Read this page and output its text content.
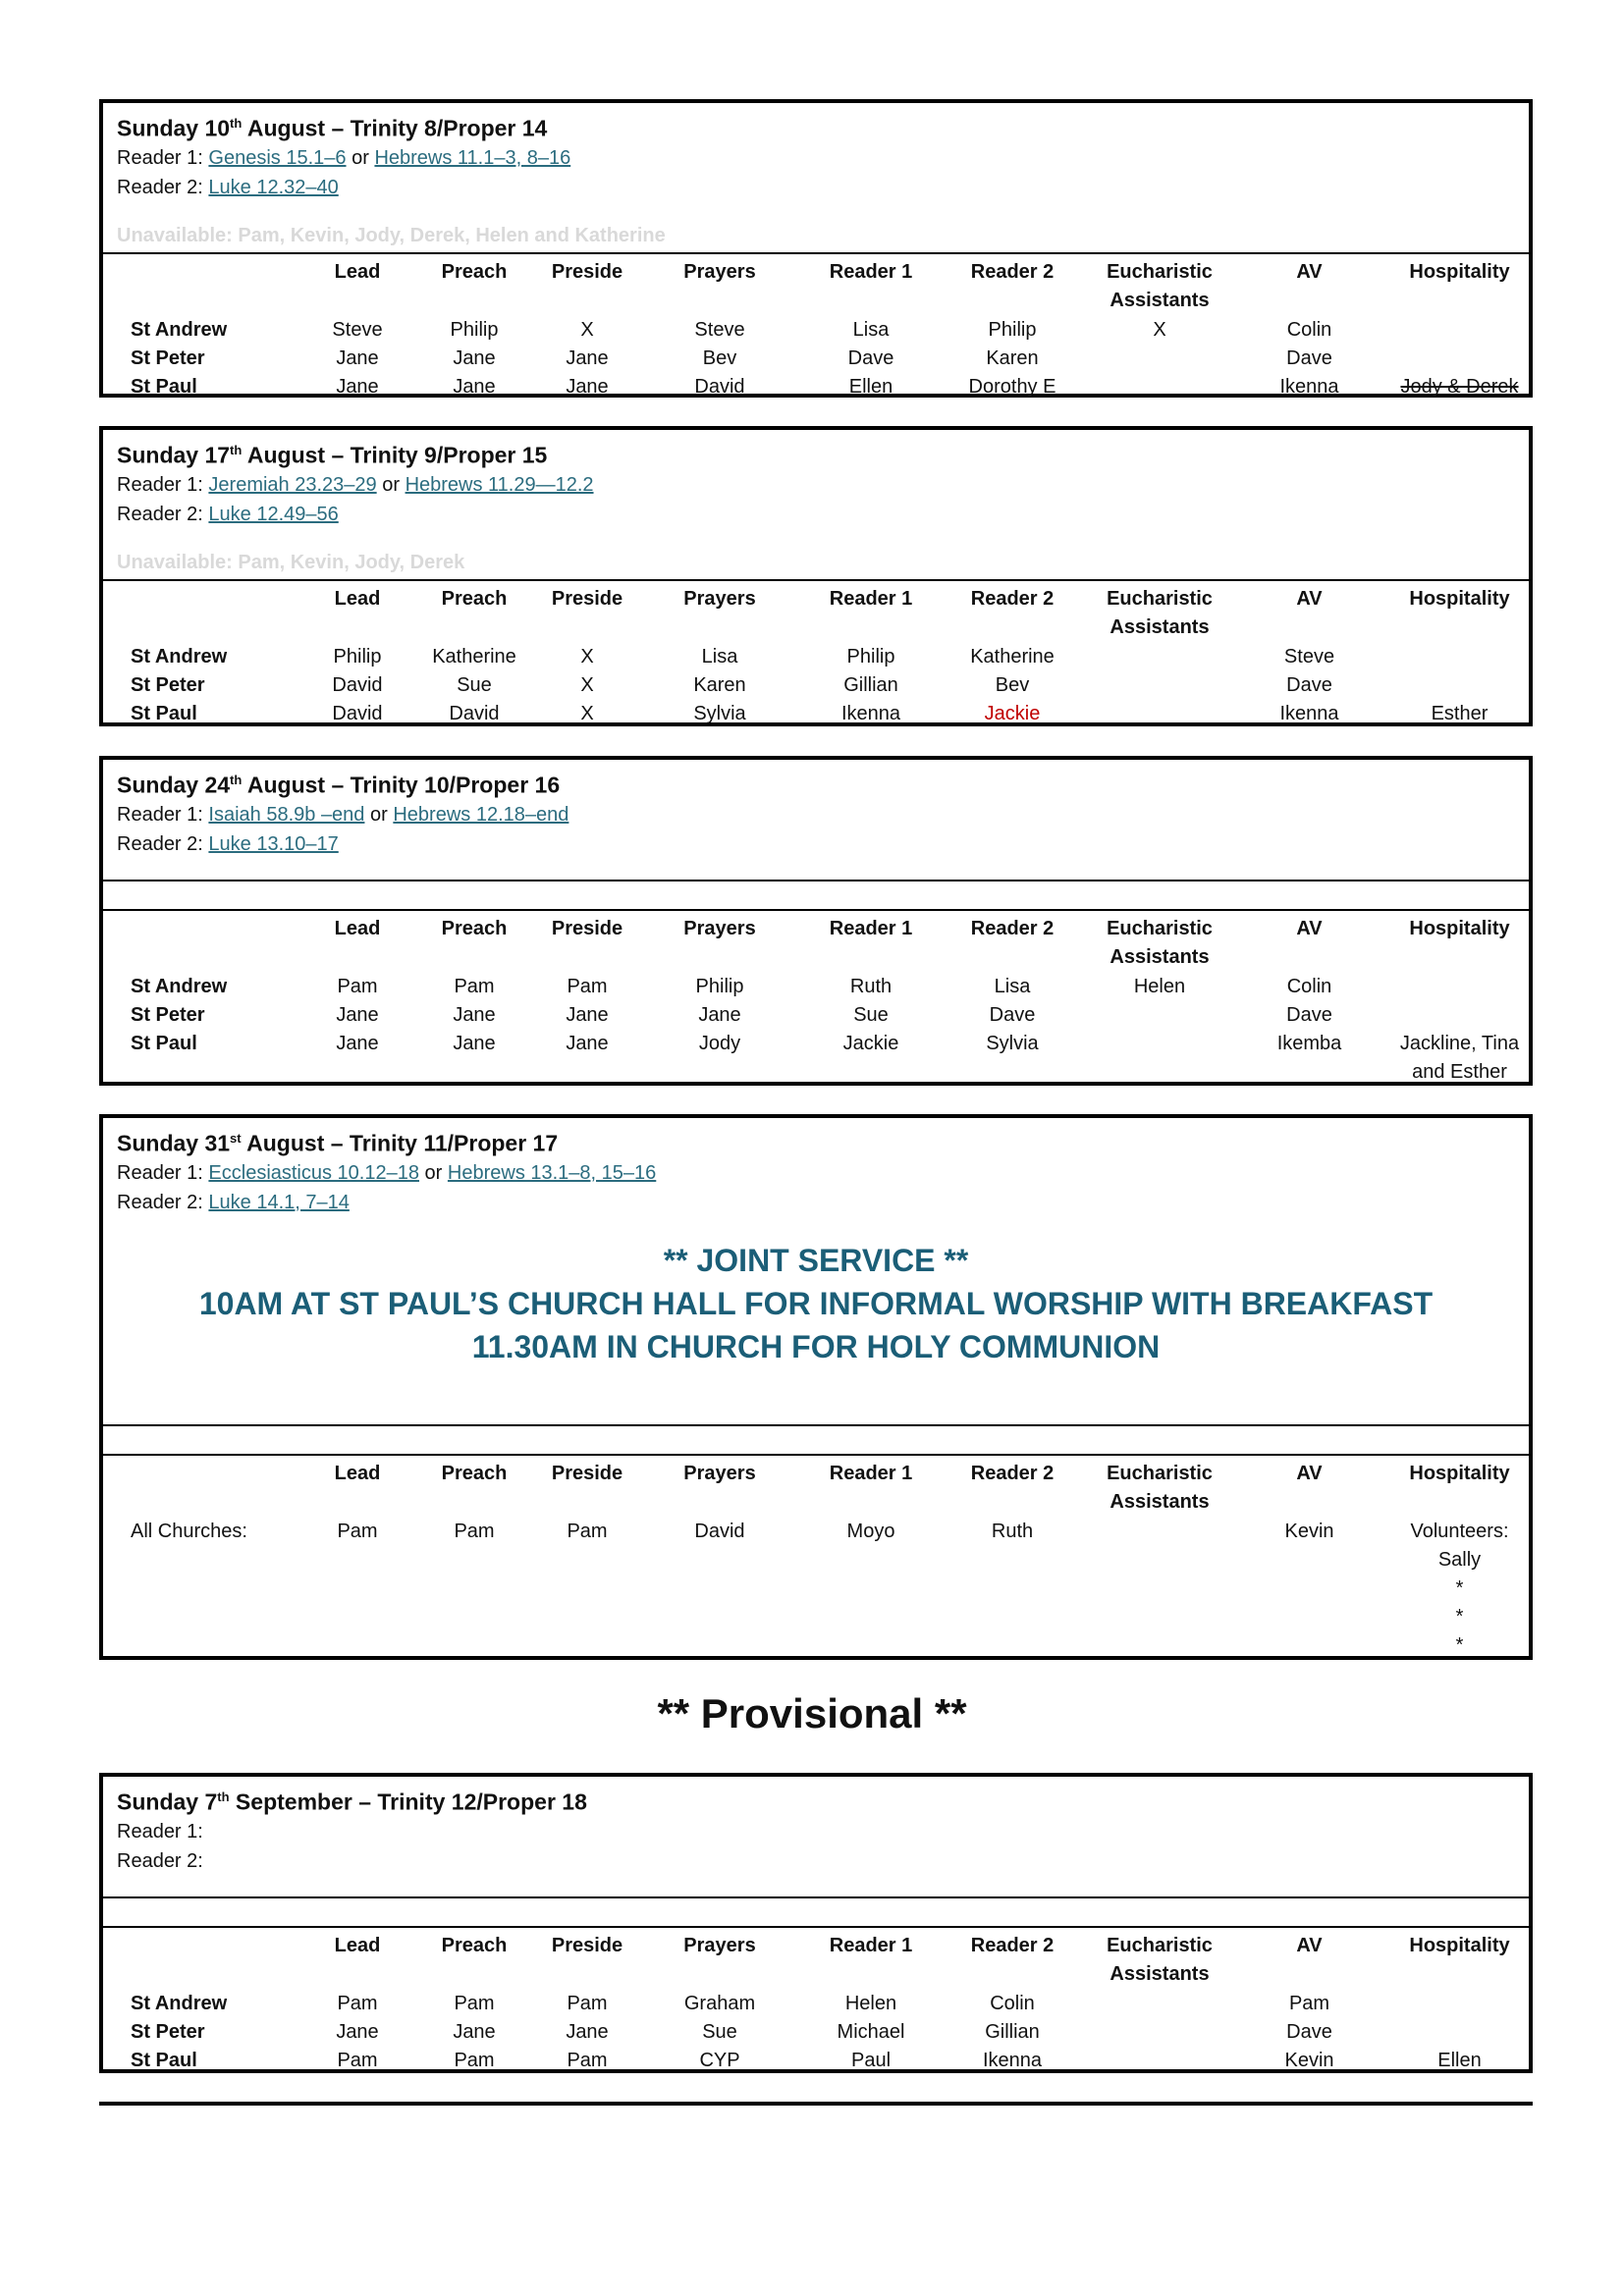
Sunday 10th August – Trinity 8/Proper 14
Reader 1: Genesis 15.1–6 or Hebrews 11.1–3, 8–16
Reader 2: Luke 12.32–40
Unavailable: Pam, Kevin, Jody, Derek, Helen and Katherine
	Lead	Preach	Preside	Prayers	Reader 1	Reader 2	Eucharistic Assistants	AV	Hospitality
St Andrew	Steve	Philip	X	Steve	Lisa	Philip	X	Colin	
St Peter	Jane	Jane	Jane	Bev	Dave	Karen		Dave	
St Paul	Jane	Jane	Jane	David	Ellen	Dorothy E		Ikenna	Jody & Derek
Sunday 17th August – Trinity 9/Proper 15
Reader 1: Jeremiah 23.23–29 or Hebrews 11.29—12.2
Reader 2: Luke 12.49–56
Unavailable: Pam, Kevin, Jody, Derek
	Lead	Preach	Preside	Prayers	Reader 1	Reader 2	Eucharistic Assistants	AV	Hospitality
St Andrew	Philip	Katherine	X	Lisa	Philip	Katherine		Steve	
St Peter	David	Sue	X	Karen	Gillian	Bev		Dave	
St Paul	David	David	X	Sylvia	Ikenna	Jackie		Ikenna	Esther
Sunday 24th August – Trinity 10/Proper 16
Reader 1: Isaiah 58.9b –end or Hebrews 12.18–end
Reader 2: Luke 13.10–17
	Lead	Preach	Preside	Prayers	Reader 1	Reader 2	Eucharistic Assistants	AV	Hospitality
St Andrew	Pam	Pam	Pam	Philip	Ruth	Lisa	Helen	Colin	
St Peter	Jane	Jane	Jane	Jane	Sue	Dave		Dave	
St Paul	Jane	Jane	Jane	Jody	Jackie	Sylvia		Ikemba	Jackline, Tina and Esther
Sunday 31st August – Trinity 11/Proper 17
Reader 1: Ecclesiasticus 10.12–18 or Hebrews 13.1–8, 15–16
Reader 2: Luke 14.1, 7–14
** JOINT SERVICE **
10AM AT ST PAUL’S CHURCH HALL FOR INFORMAL WORSHIP WITH BREAKFAST
11.30AM IN CHURCH FOR HOLY COMMUNION
	Lead	Preach	Preside	Prayers	Reader 1	Reader 2	Eucharistic Assistants	AV	Hospitality
All Churches:	Pam	Pam	Pam	David	Moyo	Ruth		Kevin	Volunteers: Sally
*
*
*
** Provisional **
Sunday 7th September – Trinity 12/Proper 18
Reader 1:
Reader 2:
	Lead	Preach	Preside	Prayers	Reader 1	Reader 2	Eucharistic Assistants	AV	Hospitality
St Andrew	Pam	Pam	Pam	Graham	Helen	Colin		Pam	
St Peter	Jane	Jane	Jane	Sue	Michael	Gillian		Dave	
St Paul	Pam	Pam	Pam	CYP	Paul	Ikenna		Kevin	Ellen
